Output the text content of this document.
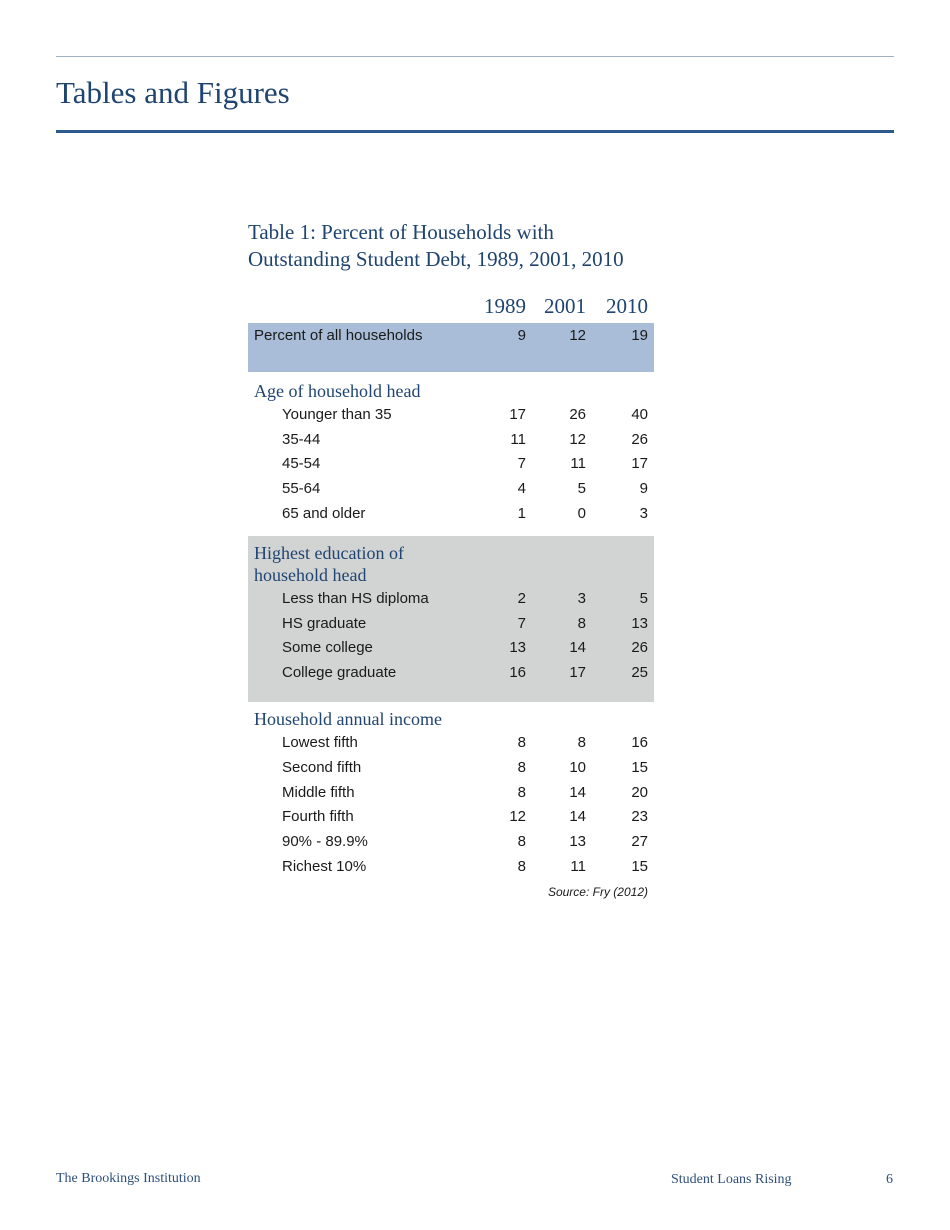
Tables and Figures
Table 1: Percent of Households with
Outstanding Student Debt, 1989, 2001, 2010
1989 2001 2010
Percent of all households	9	12	19

Age of household head			
Younger than 35	17	26	40
35-44	11	12	26
45-54	7	11	17
55-64	4	5	9
65 and older	1	0	3

Highest education of
household head			

Less than HS diploma	2	3	5
HS graduate	7	8	13
Some college	13	14	26
College graduate	16	17	25

Household annual income			
Lowest fifth	8	8	16
Second fifth	8	10	15
Middle fifth	8	14	20
Fourth fifth	12	14	23
90% - 89.9%	8	13	27
Richest 10%	8	11	15
Source: Fry (2012)
The Brookings Institution	Student Loans Rising	6
